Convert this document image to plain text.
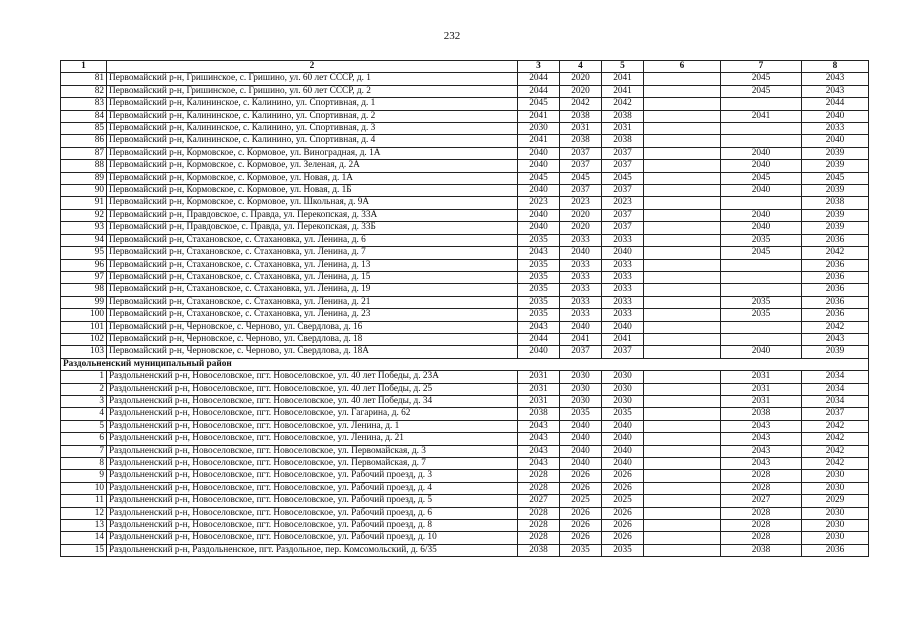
232
1	2	3	4	5	6	7	8
81	Первомайский р-н, Гришинское, с. Гришино, ул. 60 лет СССР, д. 1	2044	2020	2041		2045	2043
82	Первомайский р-н, Гришинское, с. Гришино, ул. 60 лет СССР, д. 2	2044	2020	2041		2045	2043
83	Первомайский р-н, Калининское, с. Калинино, ул. Спортивная, д. 1	2045	2042	2042			2044
84	Первомайский р-н, Калининское, с. Калинино, ул. Спортивная, д. 2	2041	2038	2038		2041	2040
85	Первомайский р-н, Калининское, с. Калинино, ул. Спортивная, д. 3	2030	2031	2031			2033
86	Первомайский р-н, Калининское, с. Калинино, ул. Спортивная, д. 4	2041	2038	2038			2040
87	Первомайский р-н, Кормовское, с. Кормовое, ул. Виноградная, д. 1А	2040	2037	2037		2040	2039
88	Первомайский р-н, Кормовское, с. Кормовое, ул. Зеленая, д. 2А	2040	2037	2037		2040	2039
89	Первомайский р-н, Кормовское, с. Кормовое, ул. Новая, д. 1А	2045	2045	2045		2045	2045
90	Первомайский р-н, Кормовское, с. Кормовое, ул. Новая, д. 1Б	2040	2037	2037		2040	2039
91	Первомайский р-н, Кормовское, с. Кормовое, ул. Школьная, д. 9А	2023	2023	2023			2038
92	Первомайский р-н, Правдовское, с. Правда, ул. Перекопская, д. 33А	2040	2020	2037		2040	2039
93	Первомайский р-н, Правдовское, с. Правда, ул. Перекопская, д. 33Б	2040	2020	2037		2040	2039
94	Первомайский р-н, Стахановское, с. Стахановка, ул. Ленина, д. 6	2035	2033	2033		2035	2036
95	Первомайский р-н, Стахановское, с. Стахановка, ул. Ленина, д. 7	2043	2040	2040		2045	2042
96	Первомайский р-н, Стахановское, с. Стахановка, ул. Ленина, д. 13	2035	2033	2033			2036
97	Первомайский р-н, Стахановское, с. Стахановка, ул. Ленина, д. 15	2035	2033	2033			2036
98	Первомайский р-н, Стахановское, с. Стахановка, ул. Ленина, д. 19	2035	2033	2033			2036
99	Первомайский р-н, Стахановское, с. Стахановка, ул. Ленина, д. 21	2035	2033	2033		2035	2036
100	Первомайский р-н, Стахановское, с. Стахановка, ул. Ленина, д. 23	2035	2033	2033		2035	2036
101	Первомайский р-н, Черновское, с. Черново, ул. Свердлова, д. 16	2043	2040	2040			2042
102	Первомайский р-н, Черновское, с. Черново, ул. Свердлова, д. 18	2044	2041	2041			2043
103	Первомайский р-н, Черновское, с. Черново, ул. Свердлова, д. 18А	2040	2037	2037		2040	2039
Раздольненский муниципальный район							
1	Раздольненский р-н, Новоселовское, пгт. Новоселовское, ул. 40 лет Победы, д. 23А	2031	2030	2030		2031	2034
2	Раздольненский р-н, Новоселовское, пгт. Новоселовское, ул. 40 лет Победы, д. 25	2031	2030	2030		2031	2034
3	Раздольненский р-н, Новоселовское, пгт. Новоселовское, ул. 40 лет Победы, д. 34	2031	2030	2030		2031	2034
4	Раздольненский р-н, Новоселовское, пгт. Новоселовское, ул. Гагарина, д. 62	2038	2035	2035		2038	2037
5	Раздольненский р-н, Новоселовское, пгт. Новоселовское, ул. Ленина, д. 1	2043	2040	2040		2043	2042
6	Раздольненский р-н, Новоселовское, пгт. Новоселовское, ул. Ленина, д. 21	2043	2040	2040		2043	2042
7	Раздольненский р-н, Новоселовское, пгт. Новоселовское, ул. Первомайская, д. 3	2043	2040	2040		2043	2042
8	Раздольненский р-н, Новоселовское, пгт. Новоселовское, ул. Первомайская, д. 7	2043	2040	2040		2043	2042
9	Раздольненский р-н, Новоселовское, пгт. Новоселовское, ул. Рабочий проезд, д. 3	2028	2026	2026		2028	2030
10	Раздольненский р-н, Новоселовское, пгт. Новоселовское, ул. Рабочий проезд, д. 4	2028	2026	2026		2028	2030
11	Раздольненский р-н, Новоселовское, пгт. Новоселовское, ул. Рабочий проезд, д. 5	2027	2025	2025		2027	2029
12	Раздольненский р-н, Новоселовское, пгт. Новоселовское, ул. Рабочий проезд, д. 6	2028	2026	2026		2028	2030
13	Раздольненский р-н, Новоселовское, пгт. Новоселовское, ул. Рабочий проезд, д. 8	2028	2026	2026		2028	2030
14	Раздольненский р-н, Новоселовское, пгт. Новоселовское, ул. Рабочий проезд, д. 10	2028	2026	2026		2028	2030
15	Раздольненский р-н, Раздольненское, пгт. Раздольное, пер. Комсомольский, д. 6/35	2038	2035	2035		2038	2036
